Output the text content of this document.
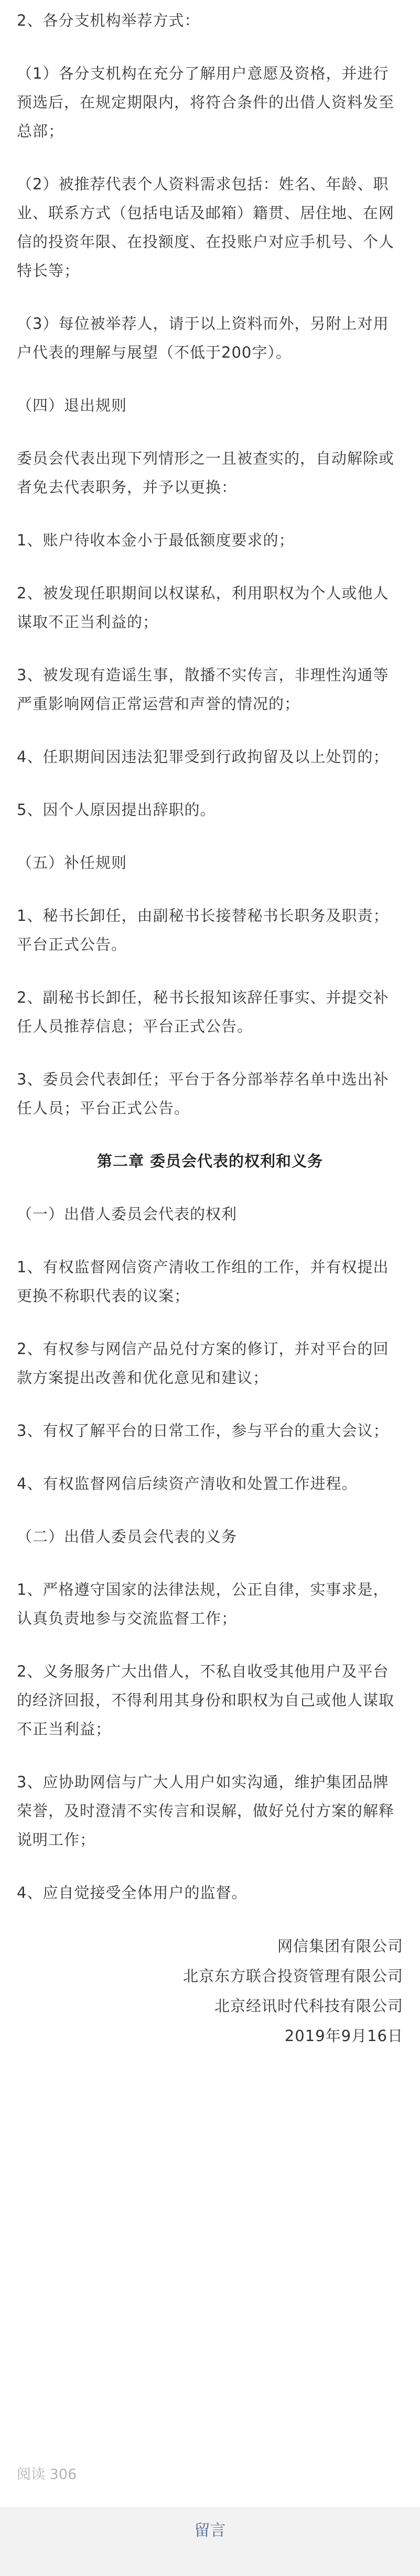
2、各分支机构举荐方式：

（1）各分支机构在充分了解用户意愿及资格，并进行预选后，在规定期限内，将符合条件的出借人资料发至总部；

（2）被推荐代表个人资料需求包括：姓名、年龄、职业、联系方式（包括电话及邮箱）籍贯、居住地、在网信的投资年限、在投额度、在投账户对应手机号、个人特长等；

（3）每位被举荐人，请于以上资料而外，另附上对用户代表的理解与展望（不低于200字）。

（四）退出规则

委员会代表出现下列情形之一且被查实的，自动解除或者免去代表职务，并予以更换：

1、账户待收本金小于最低额度要求的；

2、被发现任职期间以权谋私，利用职权为个人或他人谋取不正当利益的；

3、被发现有造谣生事，散播不实传言，非理性沟通等严重影响网信正常运营和声誉的情况的；

4、任职期间因违法犯罪受到行政拘留及以上处罚的；

5、因个人原因提出辞职的。

（五）补任规则

1、秘书长卸任，由副秘书长接替秘书长职务及职责；平台正式公告。

2、副秘书长卸任，秘书长报知该辞任事实、并提交补任人员推荐信息；平台正式公告。

3、委员会代表卸任；平台于各分部举荐名单中选出补任人员；平台正式公告。

第二章 委员会代表的权利和义务

（一）出借人委员会代表的权利

1、有权监督网信资产清收工作组的工作，并有权提出更换不称职代表的议案；

2、有权参与网信产品兑付方案的修订，并对平台的回款方案提出改善和优化意见和建议；

3、有权了解平台的日常工作，参与平台的重大会议；

4、有权监督网信后续资产清收和处置工作进程。

（二）出借人委员会代表的义务

1、严格遵守国家的法律法规，公正自律，实事求是，认真负责地参与交流监督工作；

2、义务服务广大出借人，不私自收受其他用户及平台的经济回报，不得利用其身份和职权为自己或他人谋取不正当利益；

3、应协助网信与广大人用户如实沟通，维护集团品牌荣誉，及时澄清不实传言和误解，做好兑付方案的解释说明工作；

4、应自觉接受全体用户的监督。

网信集团有限公司

北京东方联合投资管理有限公司

北京经讯时代科技有限公司

2019年9月16日

阅读 306
留言
